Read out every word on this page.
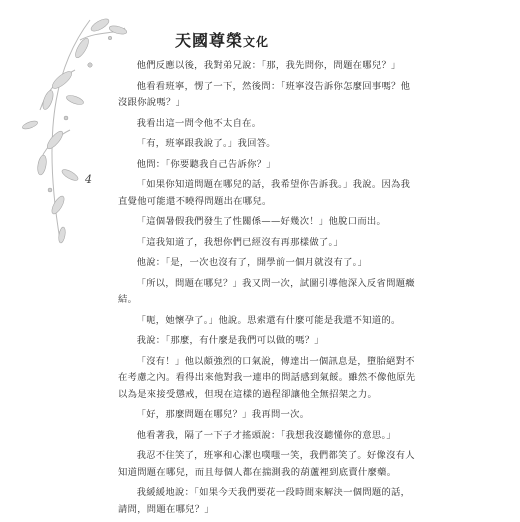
天國尊榮文化
4

他們反應以後，我對弟兄說：「那，我先問你，問題在哪兒？」

他看看班寧，愣了一下，然後問：「班寧沒告訴你怎麼回事嗎？他沒跟你說嗎？」

我看出這一問令他不太自在。

「有，班寧跟我說了。」我回答。

他問：「你要聽我自己告訴你？」

「如果你知道問題在哪兒的話，我希望你告訴我。」我說。因為我直覺他可能還不曉得問題出在哪兒。

「這個暑假我們發生了性關係——好幾次！」他脫口而出。

「這我知道了，我想你們已經沒有再那樣做了。」

他說：「是，一次也沒有了，開學前一個月就沒有了。」

「所以，問題在哪兒？」我又問一次，試圖引導他深入反省問題癥結。

「呃，她懷孕了。」他說。思索還有什麼可能是我還不知道的。

我說：「那麼，有什麼是我們可以做的嗎？」

「沒有！」他以頗強烈的口氣說，傳達出一個訊息是，墮胎絕對不在考慮之內。看得出來他對我一連串的問話感到氣餒。雖然不像他原先以為是來接受懲戒，但現在這樣的過程卻讓他全無招架之力。

「好，那麼問題在哪兒？」我再問一次。

他看著我，隔了一下子才搖頭說：「我想我沒聽懂你的意思。」

我忍不住笑了，班寧和心潔也噗嗤一笑，我們都笑了。好像沒有人知道問題在哪兒，而且每個人都在揣測我的葫蘆裡到底賣什麼藥。

我緩緩地說：「如果今天我們要花一段時間來解決一個問題的話，請問，問題在哪兒？」
